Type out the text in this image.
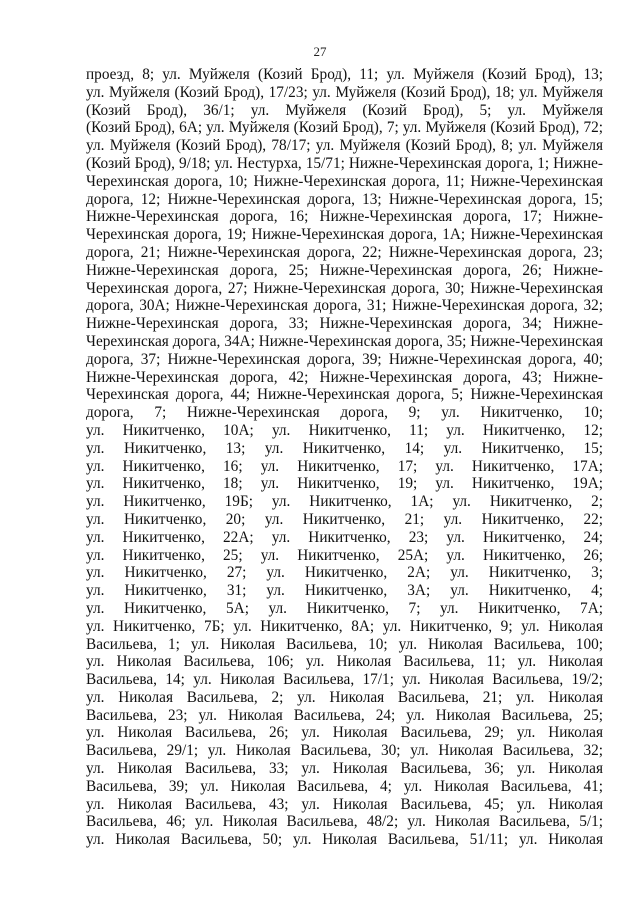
27
проезд, 8; ул. Муйжеля (Козий Брод), 11; ул. Муйжеля (Козий Брод), 13;
ул. Муйжеля (Козий Брод), 17/23; ул. Муйжеля (Козий Брод), 18; ул. Муйжеля
(Козий Брод), 36/1; ул. Муйжеля (Козий Брод), 5; ул. Муйжеля
(Козий Брод), 6А; ул. Муйжеля (Козий Брод), 7; ул. Муйжеля (Козий Брод), 72;
ул. Муйжеля (Козий Брод), 78/17; ул. Муйжеля (Козий Брод), 8; ул. Муйжеля
(Козий Брод), 9/18; ул. Нестурха, 15/71; Нижне-Черехинская дорога, 1; Нижне-
Черехинская дорога, 10; Нижне-Черехинская дорога, 11; Нижне-Черехинская
дорога, 12; Нижне-Черехинская дорога, 13; Нижне-Черехинская дорога, 15;
Нижне-Черехинская дорога, 16; Нижне-Черехинская дорога, 17; Нижне-
Черехинская дорога, 19; Нижне-Черехинская дорога, 1А; Нижне-Черехинская
дорога, 21; Нижне-Черехинская дорога, 22; Нижне-Черехинская дорога, 23;
Нижне-Черехинская дорога, 25; Нижне-Черехинская дорога, 26; Нижне-
Черехинская дорога, 27; Нижне-Черехинская дорога, 30; Нижне-Черехинская
дорога, 30А; Нижне-Черехинская дорога, 31; Нижне-Черехинская дорога, 32;
Нижне-Черехинская дорога, 33; Нижне-Черехинская дорога, 34; Нижне-
Черехинская дорога, 34А; Нижне-Черехинская дорога, 35; Нижне-Черехинская
дорога, 37; Нижне-Черехинская дорога, 39; Нижне-Черехинская дорога, 40;
Нижне-Черехинская дорога, 42; Нижне-Черехинская дорога, 43; Нижне-
Черехинская дорога, 44; Нижне-Черехинская дорога, 5; Нижне-Черехинская
дорога, 7; Нижне-Черехинская дорога, 9; ул. Никитченко, 10;
ул. Никитченко, 10А; ул. Никитченко, 11; ул. Никитченко, 12;
ул. Никитченко, 13; ул. Никитченко, 14; ул. Никитченко, 15;
ул. Никитченко, 16; ул. Никитченко, 17; ул. Никитченко, 17А;
ул. Никитченко, 18; ул. Никитченко, 19; ул. Никитченко, 19А;
ул. Никитченко, 19Б; ул. Никитченко, 1А; ул. Никитченко, 2;
ул. Никитченко, 20; ул. Никитченко, 21; ул. Никитченко, 22;
ул. Никитченко, 22А; ул. Никитченко, 23; ул. Никитченко, 24;
ул. Никитченко, 25; ул. Никитченко, 25А; ул. Никитченко, 26;
ул. Никитченко, 27; ул. Никитченко, 2А; ул. Никитченко, 3;
ул. Никитченко, 31; ул. Никитченко, 3А; ул. Никитченко, 4;
ул. Никитченко, 5А; ул. Никитченко, 7; ул. Никитченко, 7А;
ул. Никитченко, 7Б; ул. Никитченко, 8А; ул. Никитченко, 9; ул. Николая
Васильева, 1; ул. Николая Васильева, 10; ул. Николая Васильева, 100;
ул. Николая Васильева, 106; ул. Николая Васильева, 11; ул. Николая
Васильева, 14; ул. Николая Васильева, 17/1; ул. Николая Васильева, 19/2;
ул. Николая Васильева, 2; ул. Николая Васильева, 21; ул. Николая
Васильева, 23; ул. Николая Васильева, 24; ул. Николая Васильева, 25;
ул. Николая Васильева, 26; ул. Николая Васильева, 29; ул. Николая
Васильева, 29/1; ул. Николая Васильева, 30; ул. Николая Васильева, 32;
ул. Николая Васильева, 33; ул. Николая Васильева, 36; ул. Николая
Васильева, 39; ул. Николая Васильева, 4; ул. Николая Васильева, 41;
ул. Николая Васильева, 43; ул. Николая Васильева, 45; ул. Николая
Васильева, 46; ул. Николая Васильева, 48/2; ул. Николая Васильева, 5/1;
ул. Николая Васильева, 50; ул. Николая Васильева, 51/11; ул. Николая
